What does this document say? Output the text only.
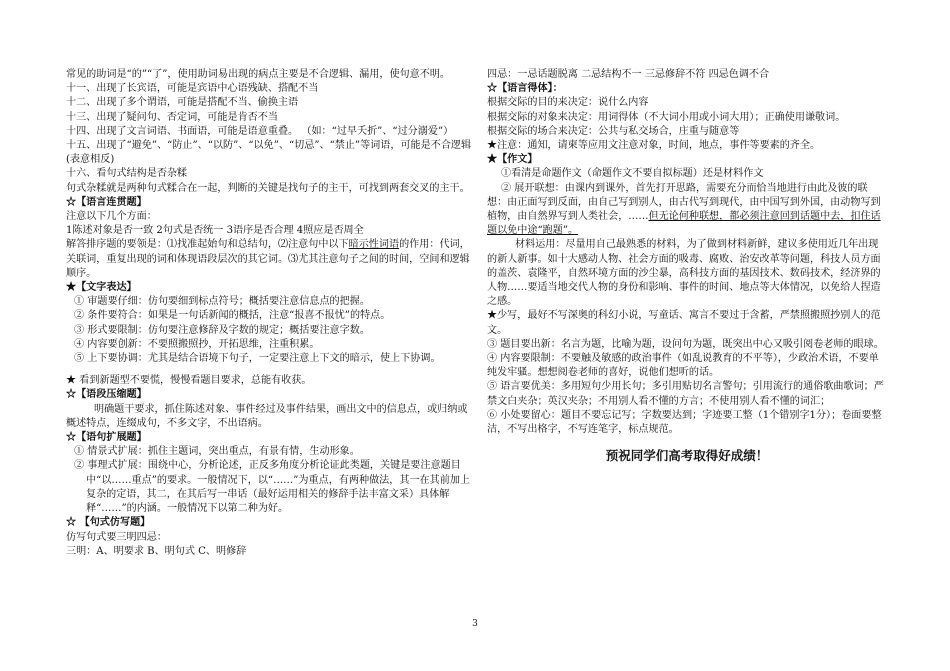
常见的助词是“的”“了”，使用助词易出现的病点主要是不合逻辑、漏用，使句意不明。

十一、出现了长宾语，可能是宾语中心语残缺、搭配不当

十二、出现了多个谓语，可能是搭配不当、偷换主语

十三、出现了疑问句、否定词，可能是肯否不当

十四、出现了文言词语、书面语，可能是语意重叠。 （如：“过早夭折”、“过分溺爱”）

十五、出现了“避免”、“防止”、“以防”、“以免”、“切忌”、“禁止”等词语，可能是不合逻辑(表意相反)

十六、看句式结构是否杂糅

句式杂糅就是两种句式糅合在一起，判断的关键是找句子的主干，可找到两套交叉的主干。

☆【语言连贯题】

注意以下几个方面：

1陈述对象是否一致 2句式是否统一 3语序是否合理 4照应是否周全

解答排序题的要领是：⑴找准起始句和总结句，⑵注意句中以下暗示性词语的作用：代词，关联词，重复出现的词和体现语段层次的其它词。⑶尤其注意句子之间的时间，空间和逻辑顺序。

★【文字表达】

① 审题要仔细：仿句要细到标点符号；概括要注意信息点的把握。

② 条件要符合：如果是一句话新闻的概括，注意“报喜不报忧”的特点。

③ 形式要限制：仿句要注意修辞及字数的规定；概括要注意字数。

④ 内容要创新：不要照搬照抄，开拓思维，注重积累。

⑤ 上下要协调：尤其是结合语境下句子，一定要注意上下文的暗示，使上下协调。

★ 看到新题型不要慌，慢慢看题目要求，总能有收获。

☆【语段压缩题】

明确题干要求，抓住陈述对象、事件经过及事件结果，画出文中的信息点，或归纳或概述特点，连缀成句，不多文字，不出语病。

☆【语句扩展题】

① 情景式扩展：抓住主题词，突出重点，有景有情，生动形象。

② 事理式扩展：围绕中心，分析论述，正反多角度分析论证此类题，关键是要注意题目中“以……重点”的要求。一般情况下，以“……”为重点，有两种做法，其一在其前加上复杂的定语，其二，在其后写一串话（最好运用相关的修辞手法丰富文采）具体解释“……”的内涵。一般情况下以第二种为好。

☆ 【句式仿写题】

仿写句式要三明四忌：

三明：A、明要求 B、明句式 C、明修辞

四忌：一忌话题脱离 二忌结构不一 三忌修辞不符 四忌色调不合

☆【语言得体】：

根据交际的目的来决定：说什么内容

根据交际的对象来决定：用词得体（不大词小用或小词大用）；正确使用谦敬词。

根据交际的场合来决定：公共与私交场合，庄重与随意等

★注意：通知，请柬等应用文注意对象，时间，地点，事件等要素的齐全。

★【作文】

①看清是命题作文（命题作文不要自拟标题）还是材料作文

② 展开联想：由课内到课外，首先打开思路，需要充分而恰当地进行由此及彼的联想：由正面写到反面，由自己写到别人，由古代写到现代，由中国写到外国，由动物写到植物，由自然界写到人类社会，……但无论何种联想，都必须注意回到话题中去，扣住话题以免中途“跑题”。

材料运用：尽量用自己最熟悉的材料，为了做到材料新鲜，建议多使用近几年出现的新人新事。如十大感动人物、社会方面的吸毒、腐败、治安改革等问题，科技人员方面的盖茨、袁隆平，自然环境方面的沙尘暴，高科技方面的基因技术、数码技术，经济界的人物……要适当地交代人物的身份和影响、事件的时间、地点等大体情况，以免给人捏造之感。

★少写，最好不写深奥的科幻小说，写童话、寓言不要过于含蓄，严禁照搬照抄别人的范文。

③ 题目要出新：名言为题，比喻为题，设问句为题，既突出中心又吸引阅卷老师的眼球。

④ 内容要限制：不要触及敏感的政治事件（如乱说教育的不平等），少政治术语，不要单纯发牢骚。想想阅卷老师的喜好，说他们想听的话。

⑤ 语言要优美：多用短句少用长句；多引用贴切名言警句；引用流行的通俗歌曲歌词；严禁文白夹杂；英汉夹杂；不用别人看不懂的方言；不使用别人看不懂的词汇；

⑥ 小处要留心：题目不要忘记写；字数要达到；字迹要工整（1个错别字1分）；卷面要整洁，不写出格字，不写连笔字，标点规范。

预祝同学们高考取得好成绩！

3
